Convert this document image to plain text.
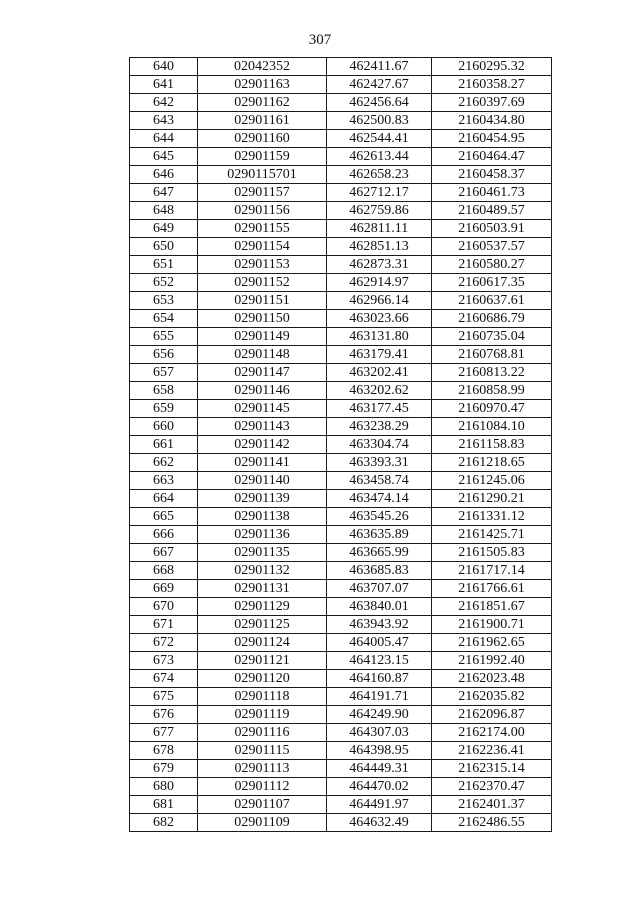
307
640	02042352	462411.67	2160295.32
641	02901163	462427.67	2160358.27
642	02901162	462456.64	2160397.69
643	02901161	462500.83	2160434.80
644	02901160	462544.41	2160454.95
645	02901159	462613.44	2160464.47
646	0290115701	462658.23	2160458.37
647	02901157	462712.17	2160461.73
648	02901156	462759.86	2160489.57
649	02901155	462811.11	2160503.91
650	02901154	462851.13	2160537.57
651	02901153	462873.31	2160580.27
652	02901152	462914.97	2160617.35
653	02901151	462966.14	2160637.61
654	02901150	463023.66	2160686.79
655	02901149	463131.80	2160735.04
656	02901148	463179.41	2160768.81
657	02901147	463202.41	2160813.22
658	02901146	463202.62	2160858.99
659	02901145	463177.45	2160970.47
660	02901143	463238.29	2161084.10
661	02901142	463304.74	2161158.83
662	02901141	463393.31	2161218.65
663	02901140	463458.74	2161245.06
664	02901139	463474.14	2161290.21
665	02901138	463545.26	2161331.12
666	02901136	463635.89	2161425.71
667	02901135	463665.99	2161505.83
668	02901132	463685.83	2161717.14
669	02901131	463707.07	2161766.61
670	02901129	463840.01	2161851.67
671	02901125	463943.92	2161900.71
672	02901124	464005.47	2161962.65
673	02901121	464123.15	2161992.40
674	02901120	464160.87	2162023.48
675	02901118	464191.71	2162035.82
676	02901119	464249.90	2162096.87
677	02901116	464307.03	2162174.00
678	02901115	464398.95	2162236.41
679	02901113	464449.31	2162315.14
680	02901112	464470.02	2162370.47
681	02901107	464491.97	2162401.37
682	02901109	464632.49	2162486.55
